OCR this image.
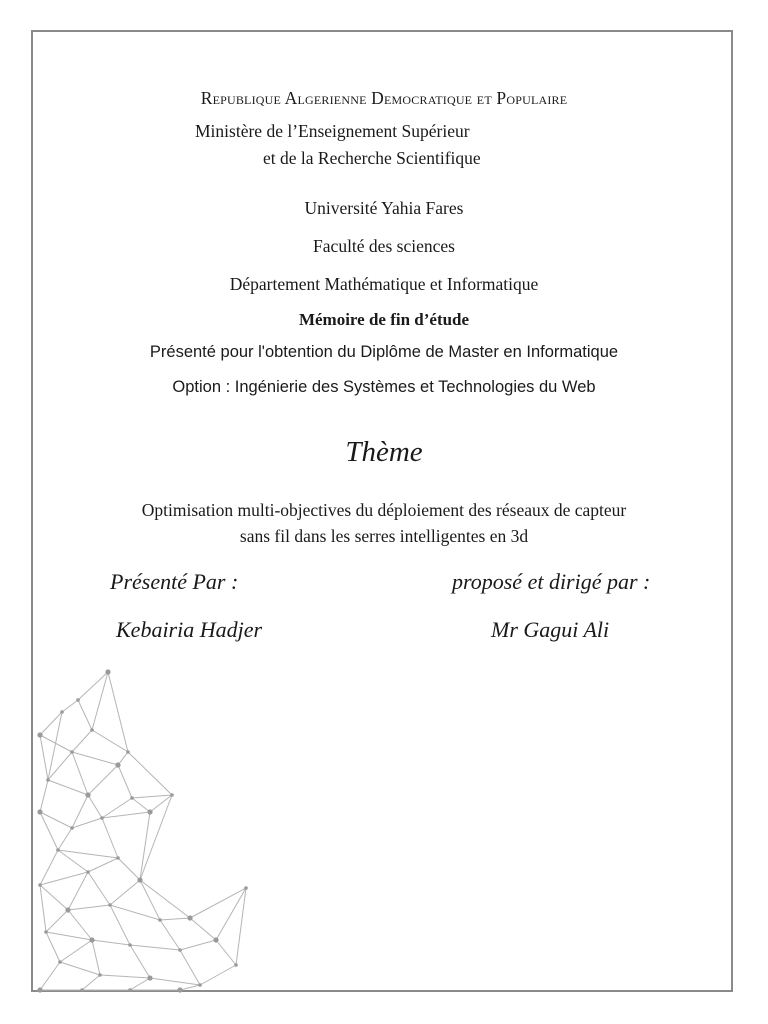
Republique Algerienne Democratique et Populaire
Ministère de l’Enseignement Supérieur
et de la Recherche Scientifique
Université Yahia Fares
Faculté des sciences
Département Mathématique et Informatique
Mémoire de fin d’étude
Présenté pour l'obtention du Diplôme de Master en Informatique
Option : Ingénierie des Systèmes et Technologies du Web
Thème
Optimisation multi-objectives du déploiement des réseaux de capteur
sans fil dans les serres intelligentes en 3d
Présenté Par :	proposé et dirigé par :
Kebairia Hadjer	Mr Gagui Ali
